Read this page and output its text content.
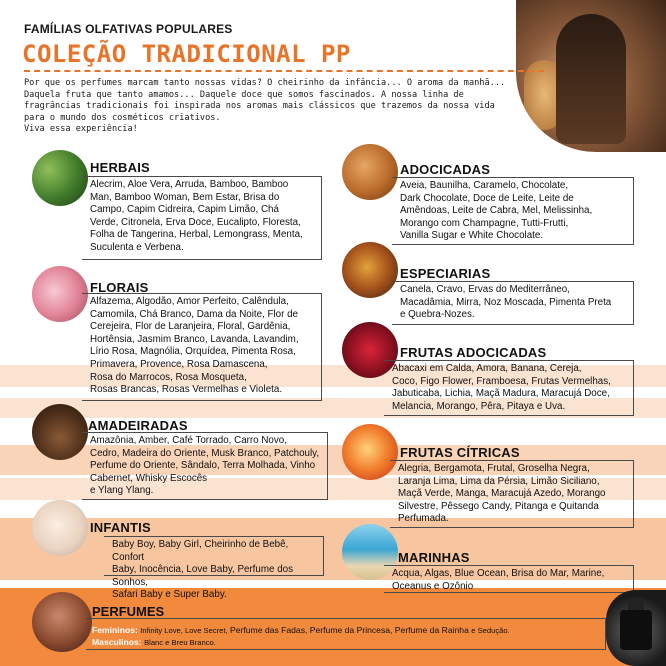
FAMÍLIAS OLFATIVAS POPULARES
COLEÇÃO TRADICIONAL PP
Por que os perfumes marcam tanto nossas vidas? O cheirinho da infância... O aroma da manhã...
Daquela fruta que tanto amamos... Daquele doce que somos fascinados. A nossa linha de
fragrâncias tradicionais foi inspirada nos aromas mais clássicos que trazemos da nossa vida
para o mundo dos cosméticos criativos.
Viva essa experiência!
HERBAIS
Alecrim, Aloe Vera, Arruda, Bamboo, Bamboo
Man, Bamboo Woman, Bem Estar, Brisa do
Campo, Capim Cidreira, Capim Limão, Chá
Verde, Citronela, Erva Doce, Eucalipto, Floresta,
Folha de Tangerina, Herbal, Lemongrass, Menta,
Suculenta e Verbena.
FLORAIS
Alfazema, Algodão, Amor Perfeito, Calêndula,
Camomila, Chá Branco, Dama da Noite, Flor de
Cerejeira, Flor de Laranjeira, Floral, Gardênia,
Hortênsia, Jasmim Branco, Lavanda, Lavandim,
Lírio Rosa, Magnólia, Orquídea, Pimenta Rosa,
Primavera, Provence, Rosa Damascena,
Rosa do Marrocos, Rosa Mosqueta,
Rosas Brancas, Rosas Vermelhas e Violeta.
AMADEIRADAS
Amazônia, Amber, Café Torrado, Carro Novo,
Cedro, Madeira do Oriente, Musk Branco, Patchouly,
Perfume do Oriente, Sândalo, Terra Molhada, Vinho
Cabernet, Whisky Escocês
e Ylang Ylang.
INFANTIS
Baby Boy, Baby Girl, Cheirinho de Bebê, Confort
Baby, Inocência, Love Baby, Perfume dos Sonhos,
Safari Baby e Super Baby.
ADOCICADAS
Aveia, Baunilha, Caramelo, Chocolate,
Dark Chocolate, Doce de Leite, Leite de
Amêndoas, Leite de Cabra, Mel, Melissinha,
Morango com Champagne, Tutti-Frutti,
Vanilla Sugar e White Chocolate.
ESPECIARIAS
Canela, Cravo, Ervas do Mediterrâneo,
Macadâmia, Mirra, Noz Moscada, Pimenta Preta
e Quebra-Nozes.
FRUTAS ADOCICADAS
Abacaxi em Calda, Amora, Banana, Cereja,
Coco, Figo Flower, Framboesa, Frutas Vermelhas,
Jabuticaba, Lichia, Maçã Madura, Maracujá Doce,
Melancia, Morango, Pêra, Pitaya e Uva.
FRUTAS CÍTRICAS
Alegria, Bergamota, Frutal, Groselha Negra,
Laranja Lima, Lima da Pérsia, Limão Siciliano,
Maçã Verde, Manga, Maracujá Azedo, Morango
Silvestre, Pêssego Candy, Pitanga e Quitanda
Perfumada.
MARINHAS
Acqua, Algas, Blue Ocean, Brisa do Mar, Marine,
Oceanus e Ozônio
PERFUMES
Femininos: Infinity Love, Love Secret, Perfume das Fadas, Perfume da Princesa, Perfume da Rainha e Sedução.
Masculinos: Blanc e Breu Branco.
